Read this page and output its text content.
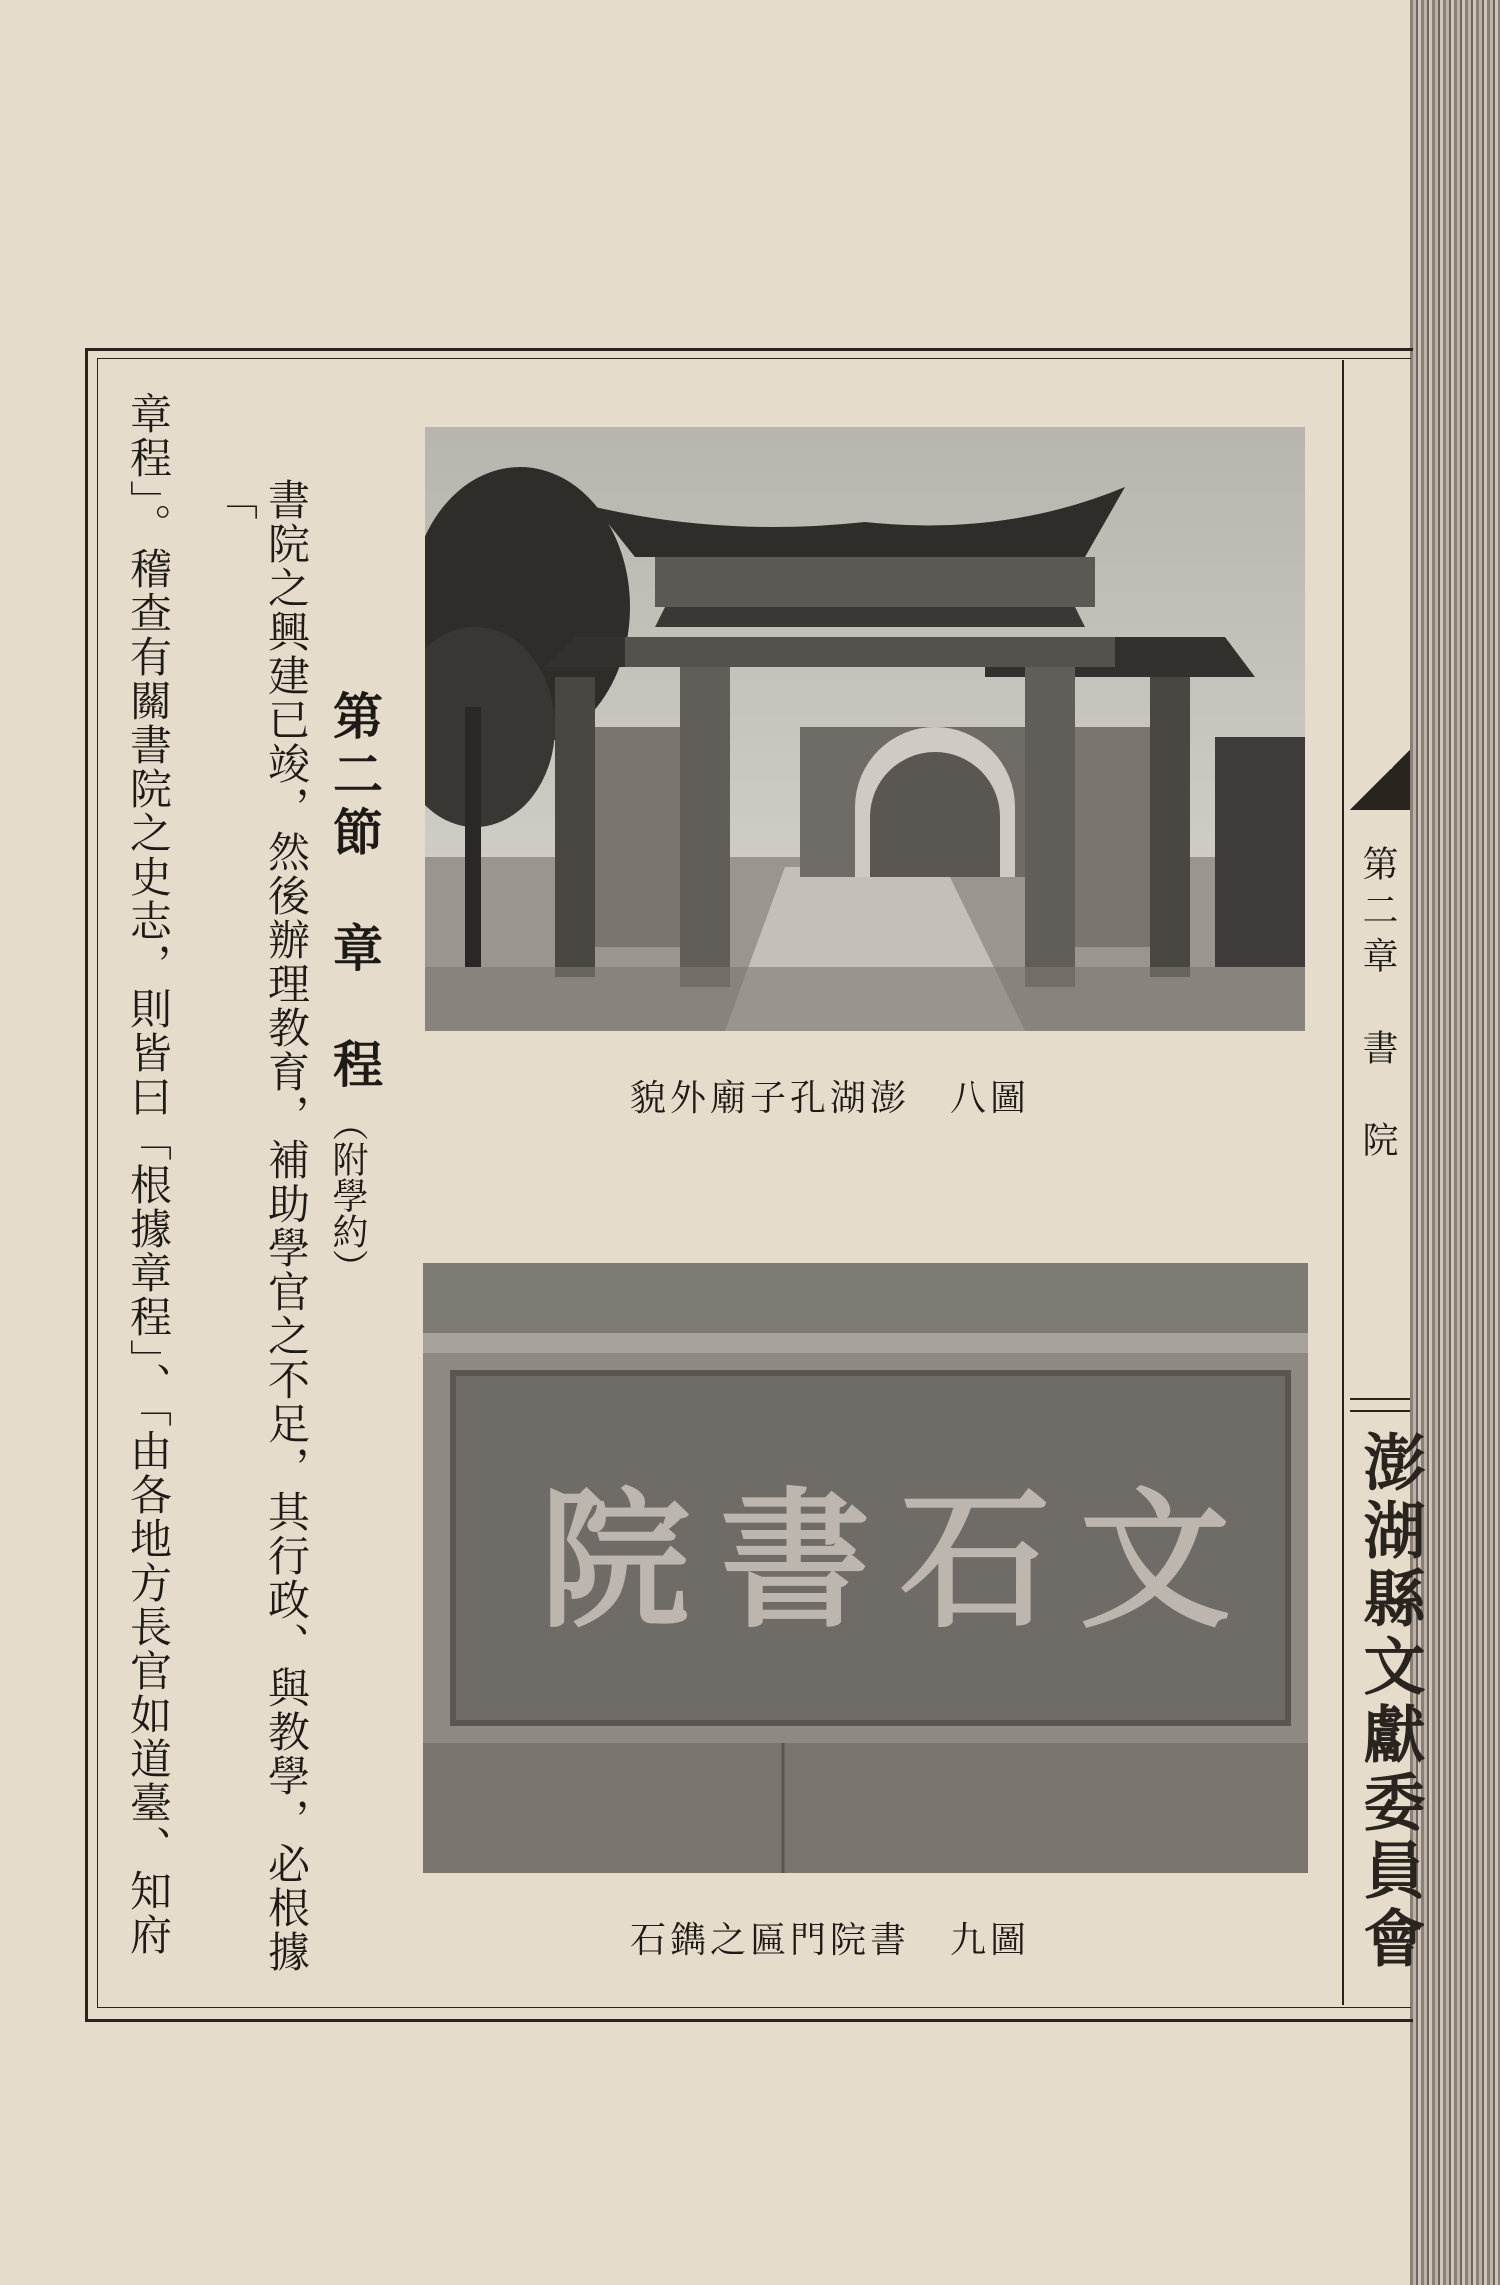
第二節　章　程
（附學約）
書院之興建已竣，然後辦理教育，補助學官之不足，其行政、與教學，必根據「
章程」。稽查有關書院之史志，則皆曰「根據章程」、「由各地方長官如道臺、知府	圖八　澎湖孔子廟外貌
文石書院
圖九　書院門匾之鐫石
第二章　書　院
澎湖縣文獻委員會
